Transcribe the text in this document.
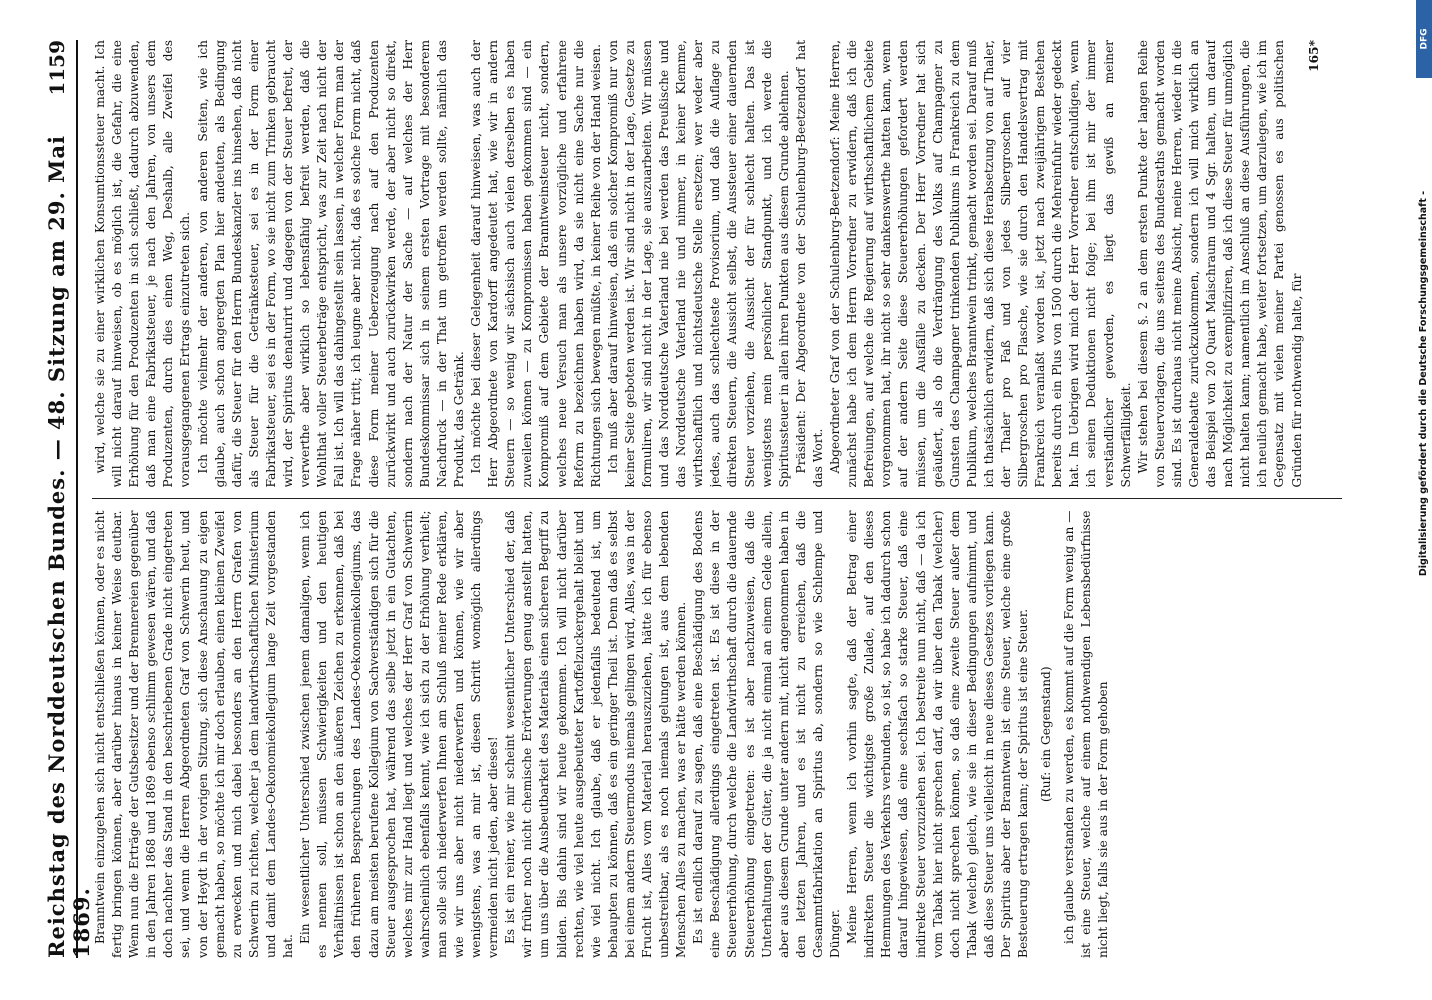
Reichstag des Norddeutschen Bundes. — 48. Sitzung am 29. Mai 1869.
1159

Branntwein einzugehen sich nicht entschließen können, oder es nicht fertig bringen können, aber darüber hinaus in keiner Weise deutbar. Wenn nun die Erträge der Gutsbesitzer und der Brennereien gegenüber in den Jahren 1868 und 1869 ebenso schlimm gewesen wären, und daß doch nachher das Stand in den beschriebenen Grade nicht eingetreten sei, und wenn die Herren Abgeordneten Graf von Schwerin heut, und von der Heydt in der vorigen Sitzung, sich diese Anschauung zu eigen gemacht haben, so möchte ich mir doch erlauben, einen kleinen Zweifel zu erwecken und mich dabei besonders an den Herrn Grafen von Schwerin zu richten, welcher ja dem landwirthschaftlichen Ministerium und damit dem Landes-Oekonomiekollegium lange Zeit vorgestanden hat.

Ein wesentlicher Unterschied zwischen jenem damaligen, wenn ich es nennen soll, müssen Schwierigkeiten und den heutigen Verhältnissen ist schon an den äußeren Zeichen zu erkennen, daß bei den früheren Besprechungen des Landes-Oekonomiekollegiums, das dazu am meisten berufene Kollegium von Sachverständigen sich für die Steuer ausgesprochen hat, während das selbe jetzt in ein Gutachten, welches mir zur Hand liegt und welches der Herr Graf von Schwerin wahrscheinlich ebenfalls kennt, wie ich sich zu der Erhöhung verhielt; man solle sich niederwerfen Ihnen am Schluß meiner Rede erklären, wie wir uns aber nicht niederwerfen und können, wie wir aber wenigstens, was an mir ist, diesen Schritt womöglich allerdings vermeiden nicht jeden, aber dieses! Es ist ein reiner, wie mir scheint wesentlicher Unterschied der, daß wir früher noch nicht chemische Erörterungen genug anstellt hatten, um uns über die Ausbeutbarkeit des Materials einen sicheren Begriff zu bilden. Bis dahin sind wir heute gekommen. Ich will nicht darüber rechten, wie viel heute ausgebeuteter Kartoffelzuckergehalt bleibt und wie viel nicht. Ich glaube, daß er jedenfalls bedeutend ist, um behaupten zu können, daß es ein geringer Theil ist. Denn daß es selbst bei einem andern Steuermodus niemals gelingen wird, Alles, was in der Frucht ist, Alles vom Material herauszuziehen, hätte ich für ebenso unbestreitbar, als es noch niemals gelungen ist, aus dem lebenden Menschen Alles zu machen, was er hätte werden können. Es ist endlich darauf zu sagen, daß eine Beschädigung des Bodens eine Beschädigung allerdings eingetreten ist. Es ist diese in der Steuererhöhung, durch welche die Landwirthschaft durch die dauernde Steuererhöhung eingetreten: es ist aber nachzuweisen, daß die Unterhaltungen der Güter, die ja nicht einmal an einem Gelde allein, aber aus diesem Grunde unter andern mit, nicht angenommen haben in den letzten Jahren, und es ist nicht zu erreichen, daß die Gesammtfabrikation an Spiritus ab, sondern so wie Schlempe und Dünger. Meine Herren, wenn ich vorhin sagte, daß der Betrag einer indirekten Steuer die wichtigste große Zulade, auf den dieses Hemmungen des Verkehrs verbunden, so ist, so habe ich dadurch schon darauf hingewiesen, daß eine sechsfach so starke Steuer, daß eine indirekte Steuer vorzuziehen sei. Ich bestreite nun nicht, daß — da ich vom Tabak hier nicht sprechen darf, da wir über den Tabak (welcher) doch nicht sprechen können, so daß eine zweite Steuer außer dem Tabak (welche) gleich, wie sie in dieser Bedingungen aufnimmt, und daß diese Steuer uns vielleicht in neue dieses Gesetzes vorliegen kann. Der Spiritus aber der Branntwein ist eine Steuer, welche eine große Besteuerung ertragen kann; der Spiritus ist eine Steuer. (Ruf: ein Gegenstand) ich glaube verstanden zu werden, es kommt auf die Form wenig an — ist eine Steuer, welche auf einem nothwendigen Lebensbedürfnisse nicht liegt, falls sie aus in der Form gehoben

wird, welche sie zu einer wirklichen Konsumtionssteuer macht. Ich will nicht darauf hinweisen, ob es möglich ist, die Gefahr, die eine Erhöhung für den Produzenten in sich schließt, dadurch abzuwenden, daß man eine Fabrikatsteuer, je nach den Jahren, von unsers dem Produzenten, durch dies einen Weg, Deshalb, alle Zweifel des vorausgegangenen Ertrags einzutreten sich. Ich möchte vielmehr der anderen, von anderen Seiten, wie ich glaube, auch schon angeregten Plan hier andeuten, als Bedingung dafür, die Steuer für den Herrn Bundeskanzler ins hinsehen, daß nicht als Steuer für die Getränkesteuer, sei es in der Form einer Fabrikatsteuer, sei es in der Form, wo sie nicht zum Trinken gebraucht wird, der Spiritus denaturirt und dagegen von der Steuer befreit, der verwerthe aber wirklich so lebensfähig befreit werden, daß die Wohlthat voller Steuerbeträge entspricht, was zur Zeit nach nicht der Fall ist. Ich will das dahingestellt sein lassen, in welcher Form man der Frage näher tritt; ich leugne aber nicht, daß es solche Form nicht, daß diese Form meiner Ueberzeugung nach auf den Produzenten zurückwirkt und auch zurückwirken werde, der aber nicht so direkt, sondern nach der Natur der Sache — auf welches der Herr Bundeskommissar sich in seinem ersten Vortrage mit besonderem Nachdruck — in der That um getroffen werden sollte, nämlich das Produkt, das Getränk. Ich möchte bei dieser Gelegenheit darauf hinweisen, was auch der Herr Abgeordnete von Kardorff angedeutet hat, wie wir in andern Steuern — so wenig wir sächsisch auch vielen derselben es haben zuweilen können — zu Kompromissen haben gekommen sind — ein Kompromiß auf dem Gebiete der Branntweinsteuer nicht, sondern, welches neue Versuch man als unsere vorzügliche und erfahrene Reform zu bezeichnen haben wird, da sie nicht eine Sache nur die Richtungen sich bewegen müßte, in keiner Reihe von der Hand weisen. Ich muß aber darauf hinweisen, daß ein solcher Kompromiß nur von keiner Seite geboten werden ist. Wir sind nicht in der Lage, Gesetze zu formuliren, wir sind nicht in der Lage, sie auszuarbeiten. Wir müssen und das Norddeutsche Vaterland nie bei werden das Preußische und das Norddeutsche Vaterland nie und nimmer, in keiner Klemme, wirthschaftlich und nichtsdeutsche Stelle ersetzen; wer weder aber jedes, auch das schlechteste Provisorium, und daß die Auflage zu direkten Steuern, die Aussicht selbst, die Aussteuer einer dauernden Steuer vorziehen, die Aussicht der für schlecht halten. Das ist wenigstens mein persönlicher Standpunkt, und ich werde die Spiritussteuer in allen ihren Punkten aus diesem Grunde ablehnen. Präsident: Der Abgeordnete von der Schulenburg-Beetzendorf hat das Wort. Abgeordneter Graf von der Schulenburg-Beetzendorf: Meine Herren, zunächst habe ich dem Herrn Vorredner zu erwidern, daß ich die Befreiungen, auf welche die Regierung auf wirthschaftlichem Gebiete vorgenommen hat, ihr nicht so sehr dankenswerthe hatten kann, wenn auf der andern Seite diese Steuererhöhungen gefordert werden müssen, um die Ausfälle zu decken. Der Herr Vorredner hat sich geäußert, als ob die Verdrängung des Volks auf Champagner zu Gunsten des Champagner trinkenden Publikums in Frankreich zu dem Publikum, welches Branntwein trinkt, gemacht worden sei. Darauf muß ich thatsächlich erwidern, daß sich diese Herabsetzung von auf Thaler, der Thaler pro Faß und von jedes Silbergroschen auf vier Silbergroschen pro Flasche, wie sie durch den Handelsvertrag mit Frankreich veranlaßt worden ist, jetzt nach zweijährigem Bestehen bereits durch ein Plus von 1500 durch die Mehreinfuhr wieder gedeckt hat. Im Uebrigen wird mich der Herr Vorredner entschuldigen, wenn ich seinen Deduktionen nicht folge; bei ihm ist mir der immer verständlicher geworden, es liegt das gewiß an meiner Schwerfälligkeit. Wir stehen bei diesem §. 2 an dem ersten Punkte der langen Reihe von Steuervorlagen, die uns seitens des Bundesraths gemacht worden sind. Es ist durchaus nicht meine Absicht, meine Herren, wieder in die Generaldebatte zurückzukommen, sondern ich will mich wirklich an das Beispiel von 20 Quart Maischraum und 4 Sgr. halten, um darauf nach Möglichkeit zu exemplifiziren, daß ich diese Steuer für unmöglich nicht halten kann; namentlich im Anschluß an diese Ausführungen, die ich neulich gemacht habe, weiter fortsetzen, um darzulegen, wie ich im Gegensatz mit vielen meiner Partei genossen es aus politischen Gründen für nothwendig halte, für

165*

DFG
Digitalisierung gefördert durch die Deutsche Forschungsgemeinschaft -
